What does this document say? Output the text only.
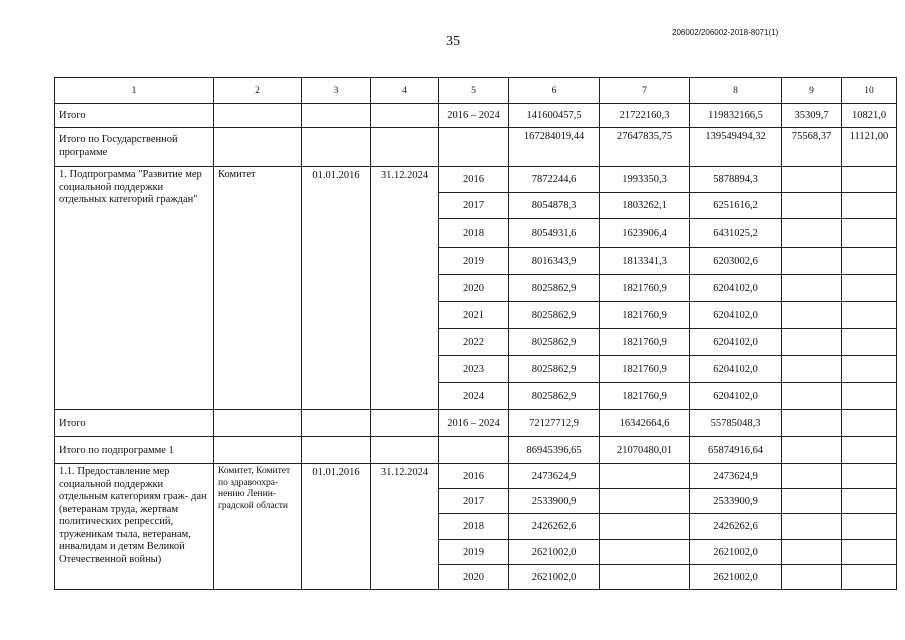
35
206002/206002-2018-8071(1)
1	2	3	4	5	6	7	8	9	10
Итого				2016 – 2024	141600457,5	21722160,3	119832166,5	35309,7	10821,0
Итого по Государственной программе					167284019,44	27647835,75	139549494,32	75568,37	11121,00
1. Подпрограмма "Развитие мер социальной поддержки отдельных категорий граждан"	Комитет	01.01.2016	31.12.2024	2016	7872244,6	1993350,3	5878894,3		
				2017	8054878,3	1803262,1	6251616,2		
				2018	8054931,6	1623906,4	6431025,2		
				2019	8016343,9	1813341,3	6203002,6		
				2020	8025862,9	1821760,9	6204102,0		
				2021	8025862,9	1821760,9	6204102,0		
				2022	8025862,9	1821760,9	6204102,0		
				2023	8025862,9	1821760,9	6204102,0		
				2024	8025862,9	1821760,9	6204102,0		
Итого				2016 – 2024	72127712,9	16342664,6	55785048,3		
Итого по подпрограмме 1					86945396,65	21070480,01	65874916,64		
1.1. Предоставление мер социальной поддержки отдельным категориям граж- дан (ветеранам труда, жертвам политических репрессий, труженикам тыла, ветеранам, инвалидам и детям Великой Отечественной войны)	Комитет, Комитет по здравоохра- нению Ленин- градской области	01.01.2016	31.12.2024	2016	2473624,9		2473624,9		
				2017	2533900,9		2533900,9		
				2018	2426262,6		2426262,6		
				2019	2621002,0		2621002,0		
				2020	2621002,0		2621002,0		
